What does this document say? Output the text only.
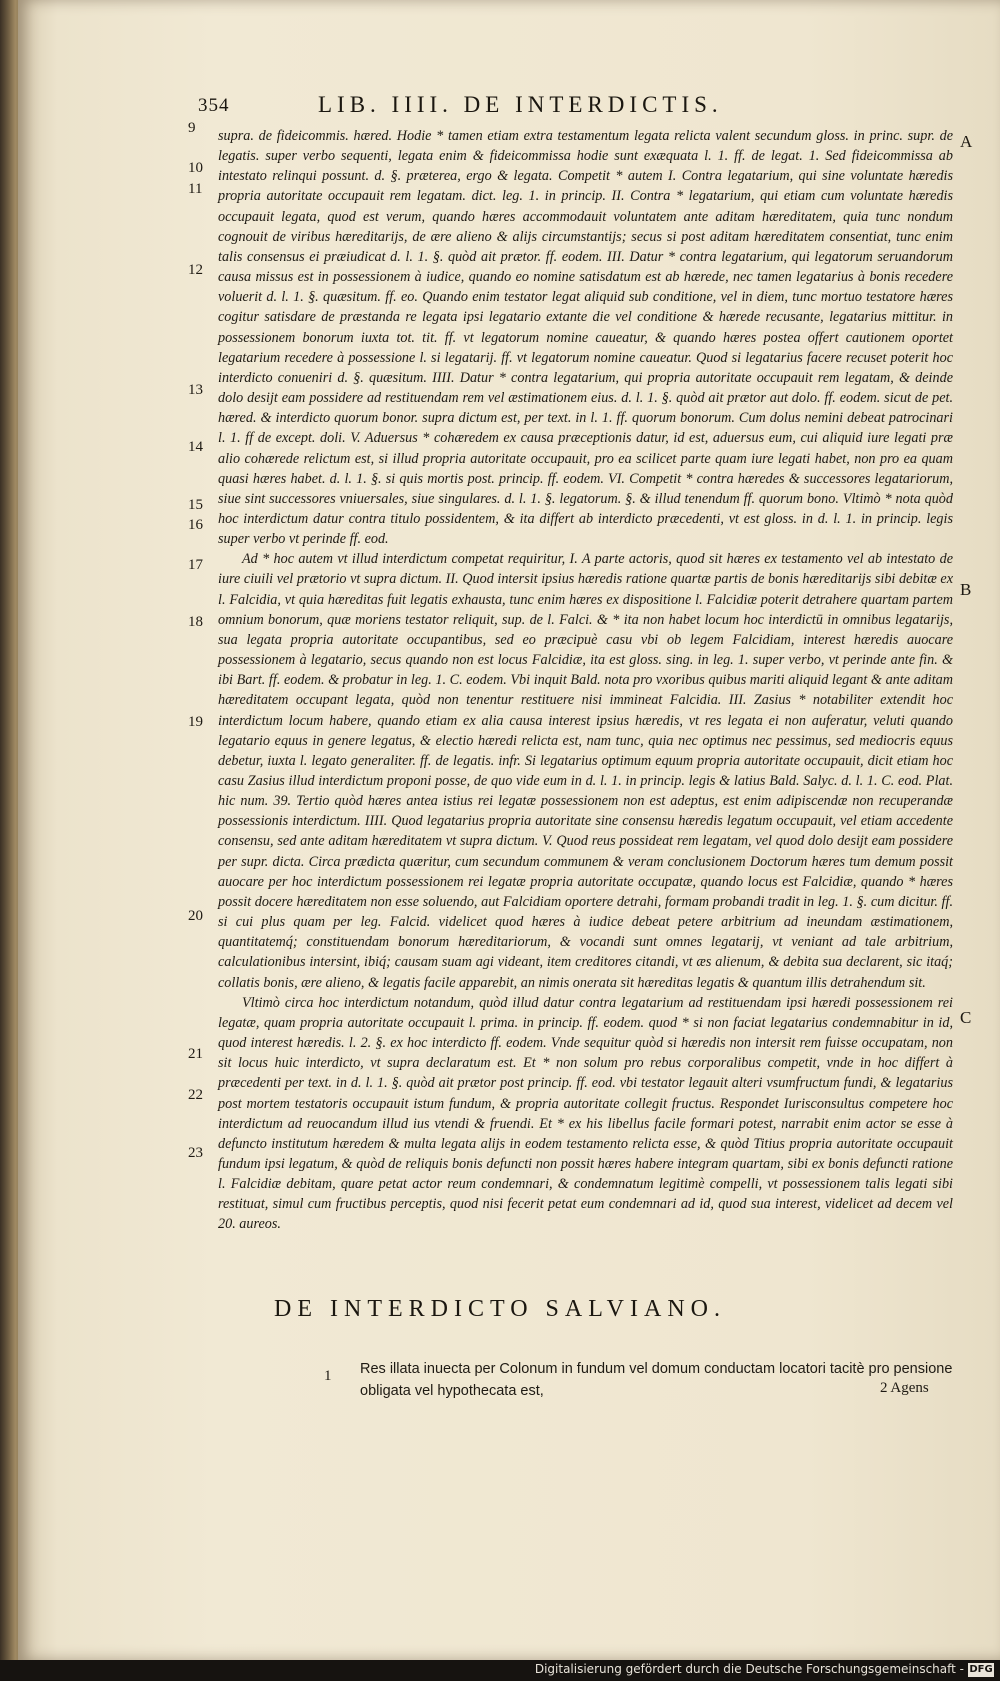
354	LIB. IIII. DE INTERDICTIS.
9
10
11
12
13
14
15
16
17
18
19
20
21
22
23
A
B
C

supra. de fideicommis. hæred. Hodie * tamen etiam extra testamentum legata relicta valent secundum gloss. in princ. supr. de legatis. super verbo sequenti, legata enim & fideicommissa hodie sunt exæquata l. 1. ff. de legat. 1. Sed fideicommissa ab intestato relinqui possunt. d. §. præterea, ergo & legata. Competit * autem I. Contra legatarium, qui sine voluntate hæredis propria autoritate occupauit rem legatam. dict. leg. 1. in princip. II. Contra * legatarium, qui etiam cum voluntate hæredis occupauit legata, quod est verum, quando hæres accommodauit voluntatem ante aditam hæreditatem, quia tunc nondum cognouit de viribus hæreditarijs, de ære alieno & alijs circumstantijs; secus si post aditam hæreditatem consentiat, tunc enim talis consensus ei præiudicat d. l. 1. §. quòd ait prætor. ff. eodem. III. Datur * contra legatarium, qui legatorum seruandorum causa missus est in possessionem à iudice, quando eo nomine satisdatum est ab hærede, nec tamen legatarius à bonis recedere voluerit d. l. 1. §. quæsitum. ff. eo. Quando enim testator legat aliquid sub conditione, vel in diem, tunc mortuo testatore hæres cogitur satisdare de præstanda re legata ipsi legatario extante die vel conditione & hærede recusante, legatarius mittitur. in possessionem bonorum iuxta tot. tit. ff. vt legatorum nomine caueatur, & quando hæres postea offert cautionem oportet legatarium recedere à possessione l. si legatarij. ff. vt legatorum nomine caueatur. Quod si legatarius facere recuset poterit hoc interdicto conueniri d. §. quæsitum. IIII. Datur * contra legatarium, qui propria autoritate occupauit rem legatam, & deinde dolo desijt eam possidere ad restituendam rem vel æstimationem eius. d. l. 1. §. quòd ait prætor aut dolo. ff. eodem. sicut de pet. hæred. & interdicto quorum bonor. supra dictum est, per text. in l. 1. ff. quorum bonorum. Cum dolus nemini debeat patrocinari l. 1. ff de except. doli. V. Aduersus * cohæredem ex causa præceptionis datur, id est, aduersus eum, cui aliquid iure legati præ alio cohærede relictum est, si illud propria autoritate occupauit, pro ea scilicet parte quam iure legati habet, non pro ea quam quasi hæres habet. d. l. 1. §. si quis mortis post. princip. ff. eodem. VI. Competit * contra hæredes & successores legatariorum, siue sint successores vniuersales, siue singulares. d. l. 1. §. legatorum. §. & illud tenendum ff. quorum bono. Vltimò * nota quòd hoc interdictum datur contra titulo possidentem, & ita differt ab interdicto præcedenti, vt est gloss. in d. l. 1. in princip. legis super verbo vt perinde ff. eod.

Ad * hoc autem vt illud interdictum competat requiritur, I. A parte actoris, quod sit hæres ex testamento vel ab intestato de iure ciuili vel prætorio vt supra dictum. II. Quod intersit ipsius hæredis ratione quartæ partis de bonis hæreditarijs sibi debitæ ex l. Falcidia, vt quia hæreditas fuit legatis exhausta, tunc enim hæres ex dispositione l. Falcidiæ poterit detrahere quartam partem omnium bonorum, quæ moriens testator reliquit, sup. de l. Falci. & * ita non habet locum hoc interdictū in omnibus legatarijs, sua legata propria autoritate occupantibus, sed eo præcipuè casu vbi ob legem Falcidiam, interest hæredis auocare possessionem à legatario, secus quando non est locus Falcidiæ, ita est gloss. sing. in leg. 1. super verbo, vt perinde ante fin. & ibi Bart. ff. eodem. & probatur in leg. 1. C. eodem. Vbi inquit Bald. nota pro vxoribus quibus mariti aliquid legant & ante aditam hæreditatem occupant legata, quòd non tenentur restituere nisi immineat Falcidia. III. Zasius * notabiliter extendit hoc interdictum locum habere, quando etiam ex alia causa interest ipsius hæredis, vt res legata ei non auferatur, veluti quando legatario equus in genere legatus, & electio hæredi relicta est, nam tunc, quia nec optimus nec pessimus, sed mediocris equus debetur, iuxta l. legato generaliter. ff. de legatis. infr. Si legatarius optimum equum propria autoritate occupauit, dicit etiam hoc casu Zasius illud interdictum proponi posse, de quo vide eum in d. l. 1. in princip. legis & latius Bald. Salyc. d. l. 1. C. eod. Plat. hic num. 39. Tertio quòd hæres antea istius rei legatæ possessionem non est adeptus, est enim adipiscendæ non recuperandæ possessionis interdictum. IIII. Quod legatarius propria autoritate sine consensu hæredis legatum occupauit, vel etiam accedente consensu, sed ante aditam hæreditatem vt supra dictum. V. Quod reus possideat rem legatam, vel quod dolo desijt eam possidere per supr. dicta. Circa prædicta quæritur, cum secundum communem & veram conclusionem Doctorum hæres tum demum possit auocare per hoc interdictum possessionem rei legatæ propria autoritate occupatæ, quando locus est Falcidiæ, quando * hæres possit docere hæreditatem non esse soluendo, aut Falcidiam oportere detrahi, formam probandi tradit in leg. 1. §. cum dicitur. ff. si cui plus quam per leg. Falcid. videlicet quod hæres à iudice debeat petere arbitrium ad ineundam æstimationem, quantitatemq́; constituendam bonorum hæreditariorum, & vocandi sunt omnes legatarij, vt veniant ad tale arbitrium, calculationibus intersint, ibiq́; causam suam agi videant, item creditores citandi, vt æs alienum, & debita sua declarent, sic itaq́; collatis bonis, ære alieno, & legatis facile apparebit, an nimis onerata sit hæreditas legatis & quantum illis detrahendum sit.

Vltimò circa hoc interdictum notandum, quòd illud datur contra legatarium ad restituendam ipsi hæredi possessionem rei legatæ, quam propria autoritate occupauit l. prima. in princip. ff. eodem. quod * si non faciat legatarius condemnabitur in id, quod interest hæredis. l. 2. §. ex hoc interdicto ff. eodem. Vnde sequitur quòd si hæredis non intersit rem fuisse occupatam, non sit locus huic interdicto, vt supra declaratum est. Et * non solum pro rebus corporalibus competit, vnde in hoc differt à præcedenti per text. in d. l. 1. §. quòd ait prætor post princip. ff. eod. vbi testator legauit alteri vsumfructum fundi, & legatarius post mortem testatoris occupauit istum fundum, & propria autoritate collegit fructus. Respondet Iurisconsultus competere hoc interdictum ad reuocandum illud ius vtendi & fruendi. Et * ex his libellus facile formari potest, narrabit enim actor se esse à defuncto institutum hæredem & multa legata alijs in eodem testamento relicta esse, & quòd Titius propria autoritate occupauit fundum ipsi legatum, & quòd de reliquis bonis defuncti non possit hæres habere integram quartam, sibi ex bonis defuncti ratione l. Falcidiæ debitam, quare petat actor reum condemnari, & condemnatum legitimè compelli, vt possessionem talis legati sibi restituat, simul cum fructibus perceptis, quod nisi fecerit petat eum condemnari ad id, quod sua interest, videlicet ad decem vel 20. aureos.

DE INTERDICTO SALVIANO.
1 Res illata inuecta per Colonum in fundum vel domum conductam locatori tacitè pro pensione obligata vel hypothecata est,	2 Agens
Digitalisierung gefördert durch die Deutsche Forschungsgemeinschaft - DFG
